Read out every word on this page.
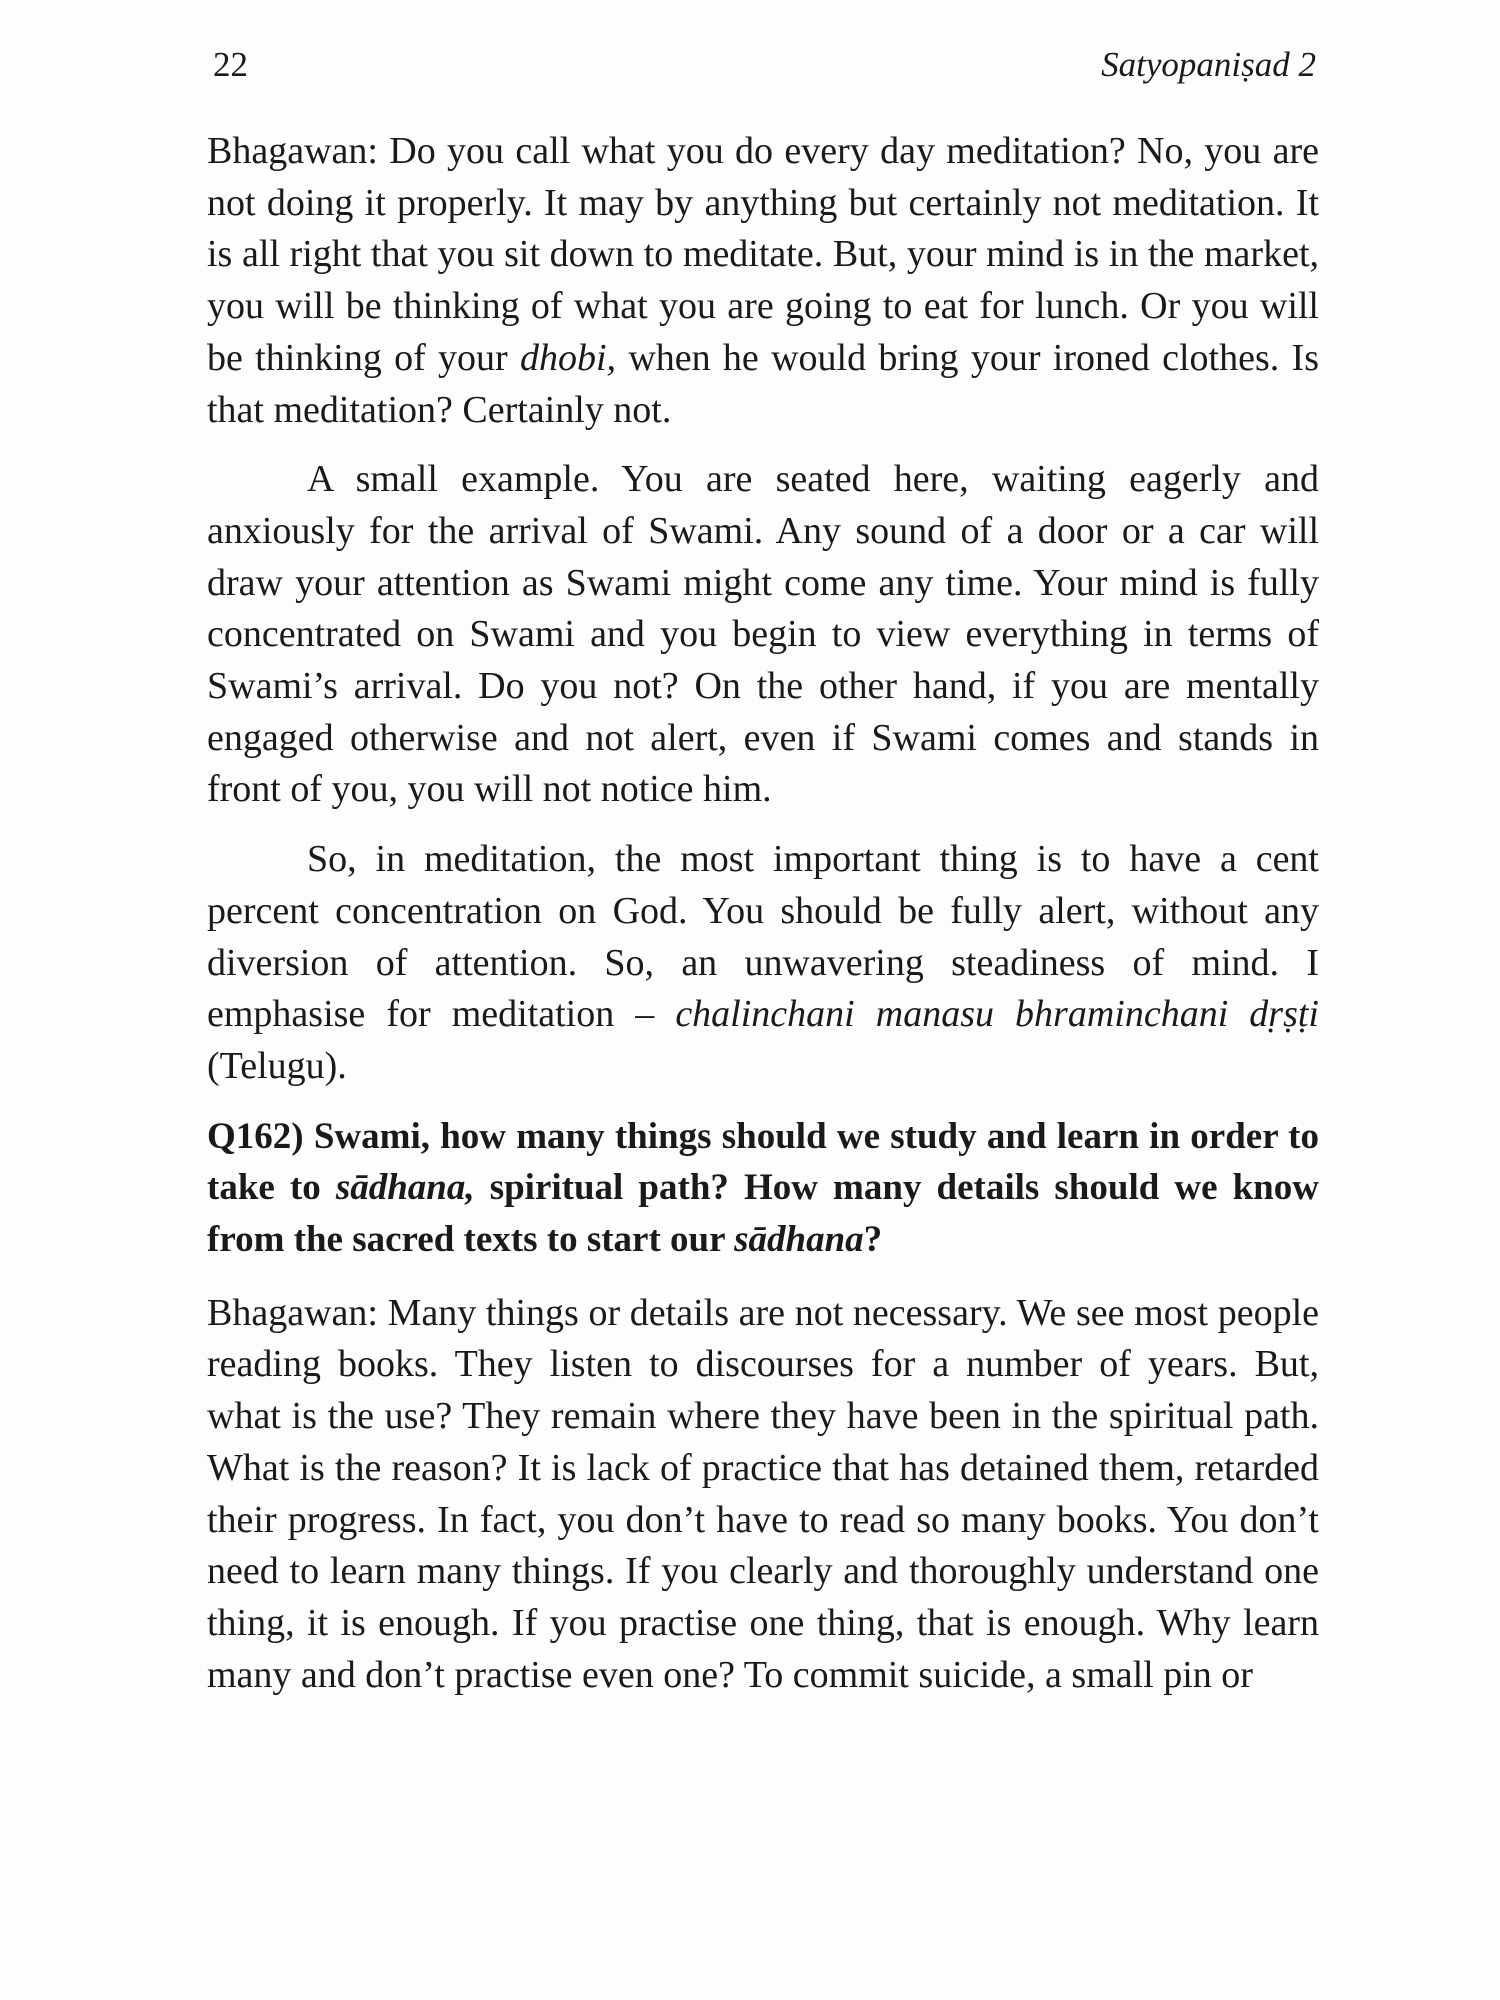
22	Satyopaniṣad 2

Bhagawan: Do you call what you do every day meditation? No, you are not doing it properly. It may by anything but certainly not meditation. It is all right that you sit down to meditate. But, your mind is in the market, you will be thinking of what you are going to eat for lunch. Or you will be thinking of your dhobi, when he would bring your ironed clothes. Is that meditation? Certainly not.

A small example. You are seated here, waiting eagerly and anxiously for the arrival of Swami. Any sound of a door or a car will draw your attention as Swami might come any time. Your mind is fully concentrated on Swami and you begin to view everything in terms of Swami’s arrival. Do you not? On the other hand, if you are mentally engaged otherwise and not alert, even if Swami comes and stands in front of you, you will not notice him.

So, in meditation, the most important thing is to have a cent percent concentration on God. You should be fully alert, without any diversion of attention. So, an unwavering steadiness of mind. I emphasise for meditation – chalinchani manasu bhraminchani dṛṣṭi (Telugu).

Q162) Swami, how many things should we study and learn in order to take to sādhana, spiritual path? How many details should we know from the sacred texts to start our sādhana?

Bhagawan: Many things or details are not necessary. We see most people reading books. They listen to discourses for a number of years. But, what is the use? They remain where they have been in the spiritual path. What is the reason? It is lack of practice that has detained them, retarded their progress. In fact, you don’t have to read so many books. You don’t need to learn many things. If you clearly and thoroughly understand one thing, it is enough. If you practise one thing, that is enough. Why learn many and don’t practise even one? To commit suicide, a small pin or
